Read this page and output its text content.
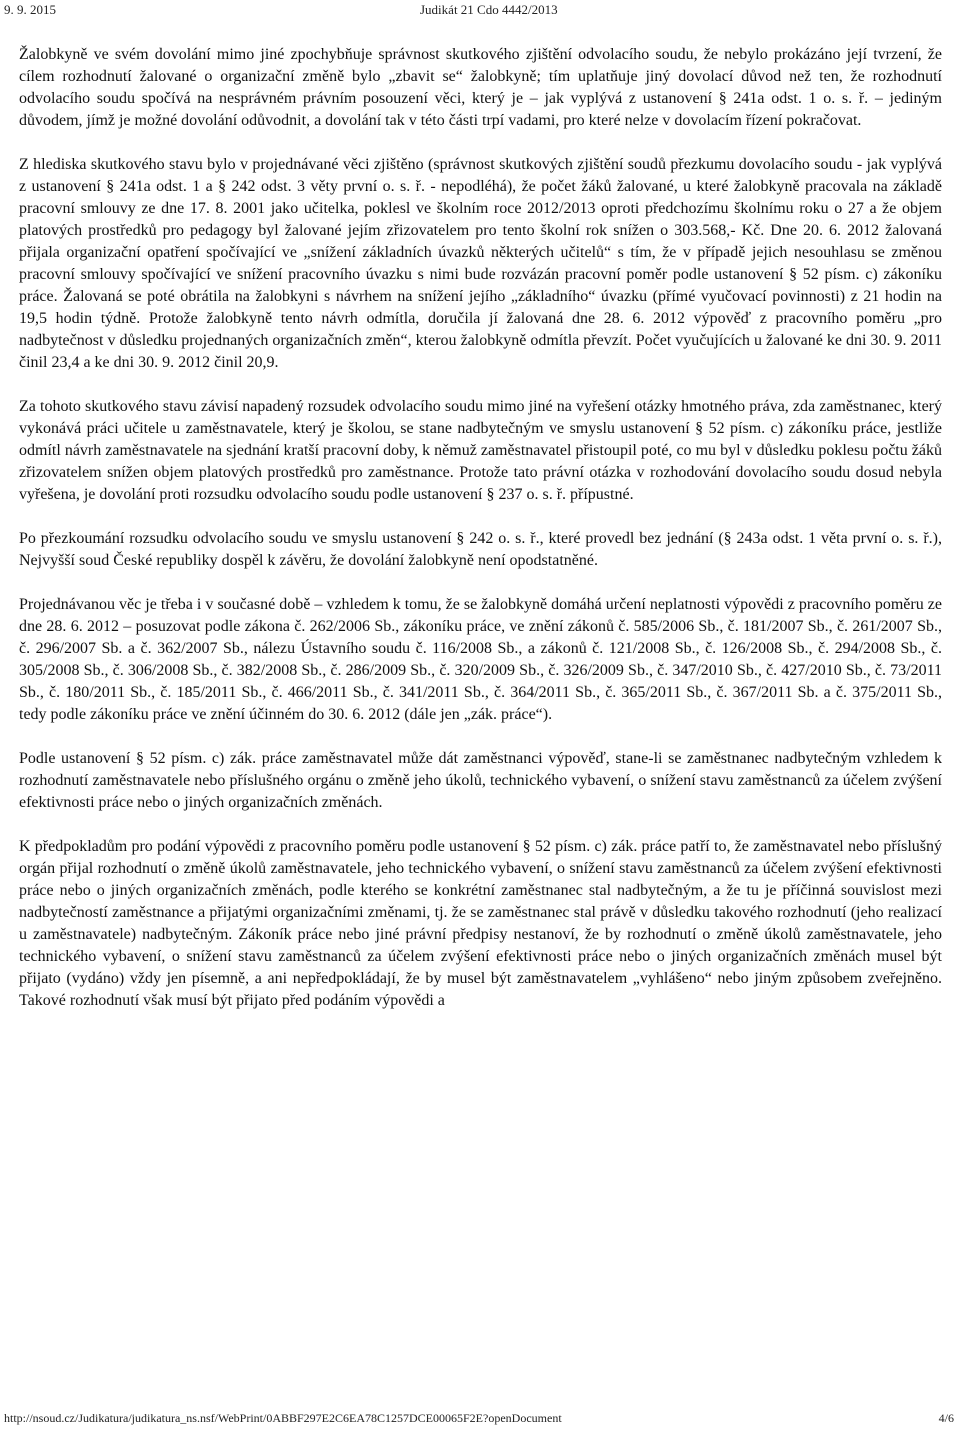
9. 9. 2015	Judikát 21 Cdo 4442/2013

Žalobkyně ve svém dovolání mimo jiné zpochybňuje správnost skutkového zjištění odvolacího soudu, že nebylo prokázáno její tvrzení, že cílem rozhodnutí žalované o organizační změně bylo „zbavit se“ žalobkyně; tím uplatňuje jiný dovolací důvod než ten, že rozhodnutí odvolacího soudu spočívá na nesprávném právním posouzení věci, který je – jak vyplývá z ustanovení § 241a odst. 1 o. s. ř. – jediným důvodem, jímž je možné dovolání odůvodnit, a dovolání tak v této části trpí vadami, pro které nelze v dovolacím řízení pokračovat.

Z hlediska skutkového stavu bylo v projednávané věci zjištěno (správnost skutkových zjištění soudů přezkumu dovolacího soudu - jak vyplývá z ustanovení § 241a odst. 1 a § 242 odst. 3 věty první o. s. ř. - nepodléhá), že počet žáků žalované, u které žalobkyně pracovala na základě pracovní smlouvy ze dne 17. 8. 2001 jako učitelka, poklesl ve školním roce 2012/2013 oproti předchozímu školnímu roku o 27 a že objem platových prostředků pro pedagogy byl žalované jejím zřizovatelem pro tento školní rok snížen o 303.568,- Kč. Dne 20. 6. 2012 žalovaná přijala organizační opatření spočívající ve „snížení základních úvazků některých učitelů“ s tím, že v případě jejich nesouhlasu se změnou pracovní smlouvy spočívající ve snížení pracovního úvazku s nimi bude rozvázán pracovní poměr podle ustanovení § 52 písm. c) zákoníku práce. Žalovaná se poté obrátila na žalobkyni s návrhem na snížení jejího „základního“ úvazku (přímé vyučovací povinnosti) z 21 hodin na 19,5 hodin týdně. Protože žalobkyně tento návrh odmítla, doručila jí žalovaná dne 28. 6. 2012 výpověď z pracovního poměru „pro nadbytečnost v důsledku projednaných organizačních změn“, kterou žalobkyně odmítla převzít. Počet vyučujících u žalované ke dni 30. 9. 2011 činil 23,4 a ke dni 30. 9. 2012 činil 20,9.

Za tohoto skutkového stavu závisí napadený rozsudek odvolacího soudu mimo jiné na vyřešení otázky hmotného práva, zda zaměstnanec, který vykonává práci učitele u zaměstnavatele, který je školou, se stane nadbytečným ve smyslu ustanovení § 52 písm. c) zákoníku práce, jestliže odmítl návrh zaměstnavatele na sjednání kratší pracovní doby, k němuž zaměstnavatel přistoupil poté, co mu byl v důsledku poklesu počtu žáků zřizovatelem snížen objem platových prostředků pro zaměstnance. Protože tato právní otázka v rozhodování dovolacího soudu dosud nebyla vyřešena, je dovolání proti rozsudku odvolacího soudu podle ustanovení § 237 o. s. ř. přípustné.

Po přezkoumání rozsudku odvolacího soudu ve smyslu ustanovení § 242 o. s. ř., které provedl bez jednání (§ 243a odst. 1 věta první o. s. ř.), Nejvyšší soud České republiky dospěl k závěru, že dovolání žalobkyně není opodstatněné.

Projednávanou věc je třeba i v současné době – vzhledem k tomu, že se žalobkyně domáhá určení neplatnosti výpovědi z pracovního poměru ze dne 28. 6. 2012 – posuzovat podle zákona č. 262/2006 Sb., zákoníku práce, ve znění zákonů č. 585/2006 Sb., č. 181/2007 Sb., č. 261/2007 Sb., č. 296/2007 Sb. a č. 362/2007 Sb., nálezu Ústavního soudu č. 116/2008 Sb., a zákonů č. 121/2008 Sb., č. 126/2008 Sb., č. 294/2008 Sb., č. 305/2008 Sb., č. 306/2008 Sb., č. 382/2008 Sb., č. 286/2009 Sb., č. 320/2009 Sb., č. 326/2009 Sb., č. 347/2010 Sb., č. 427/2010 Sb., č. 73/2011 Sb., č. 180/2011 Sb., č. 185/2011 Sb., č. 466/2011 Sb., č. 341/2011 Sb., č. 364/2011 Sb., č. 365/2011 Sb., č. 367/2011 Sb. a č. 375/2011 Sb., tedy podle zákoníku práce ve znění účinném do 30. 6. 2012 (dále jen „zák. práce“).

Podle ustanovení § 52 písm. c) zák. práce zaměstnavatel může dát zaměstnanci výpověď, stane-li se zaměstnanec nadbytečným vzhledem k rozhodnutí zaměstnavatele nebo příslušného orgánu o změně jeho úkolů, technického vybavení, o snížení stavu zaměstnanců za účelem zvýšení efektivnosti práce nebo o jiných organizačních změnách.

K předpokladům pro podání výpovědi z pracovního poměru podle ustanovení § 52 písm. c) zák. práce patří to, že zaměstnavatel nebo příslušný orgán přijal rozhodnutí o změně úkolů zaměstnavatele, jeho technického vybavení, o snížení stavu zaměstnanců za účelem zvýšení efektivnosti práce nebo o jiných organizačních změnách, podle kterého se konkrétní zaměstnanec stal nadbytečným, a že tu je příčinná souvislost mezi nadbytečností zaměstnance a přijatými organizačními změnami, tj. že se zaměstnanec stal právě v důsledku takového rozhodnutí (jeho realizací u zaměstnavatele) nadbytečným. Zákoník práce nebo jiné právní předpisy nestanoví, že by rozhodnutí o změně úkolů zaměstnavatele, jeho technického vybavení, o snížení stavu zaměstnanců za účelem zvýšení efektivnosti práce nebo o jiných organizačních změnách musel být přijato (vydáno) vždy jen písemně, a ani nepředpokládají, že by musel být zaměstnavatelem „vyhlášeno“ nebo jiným způsobem zveřejněno. Takové rozhodnutí však musí být přijato před podáním výpovědi a

http://nsoud.cz/Judikatura/judikatura_ns.nsf/WebPrint/0ABBF297E2C6EA78C1257DCE00065F2E?openDocument	4/6
